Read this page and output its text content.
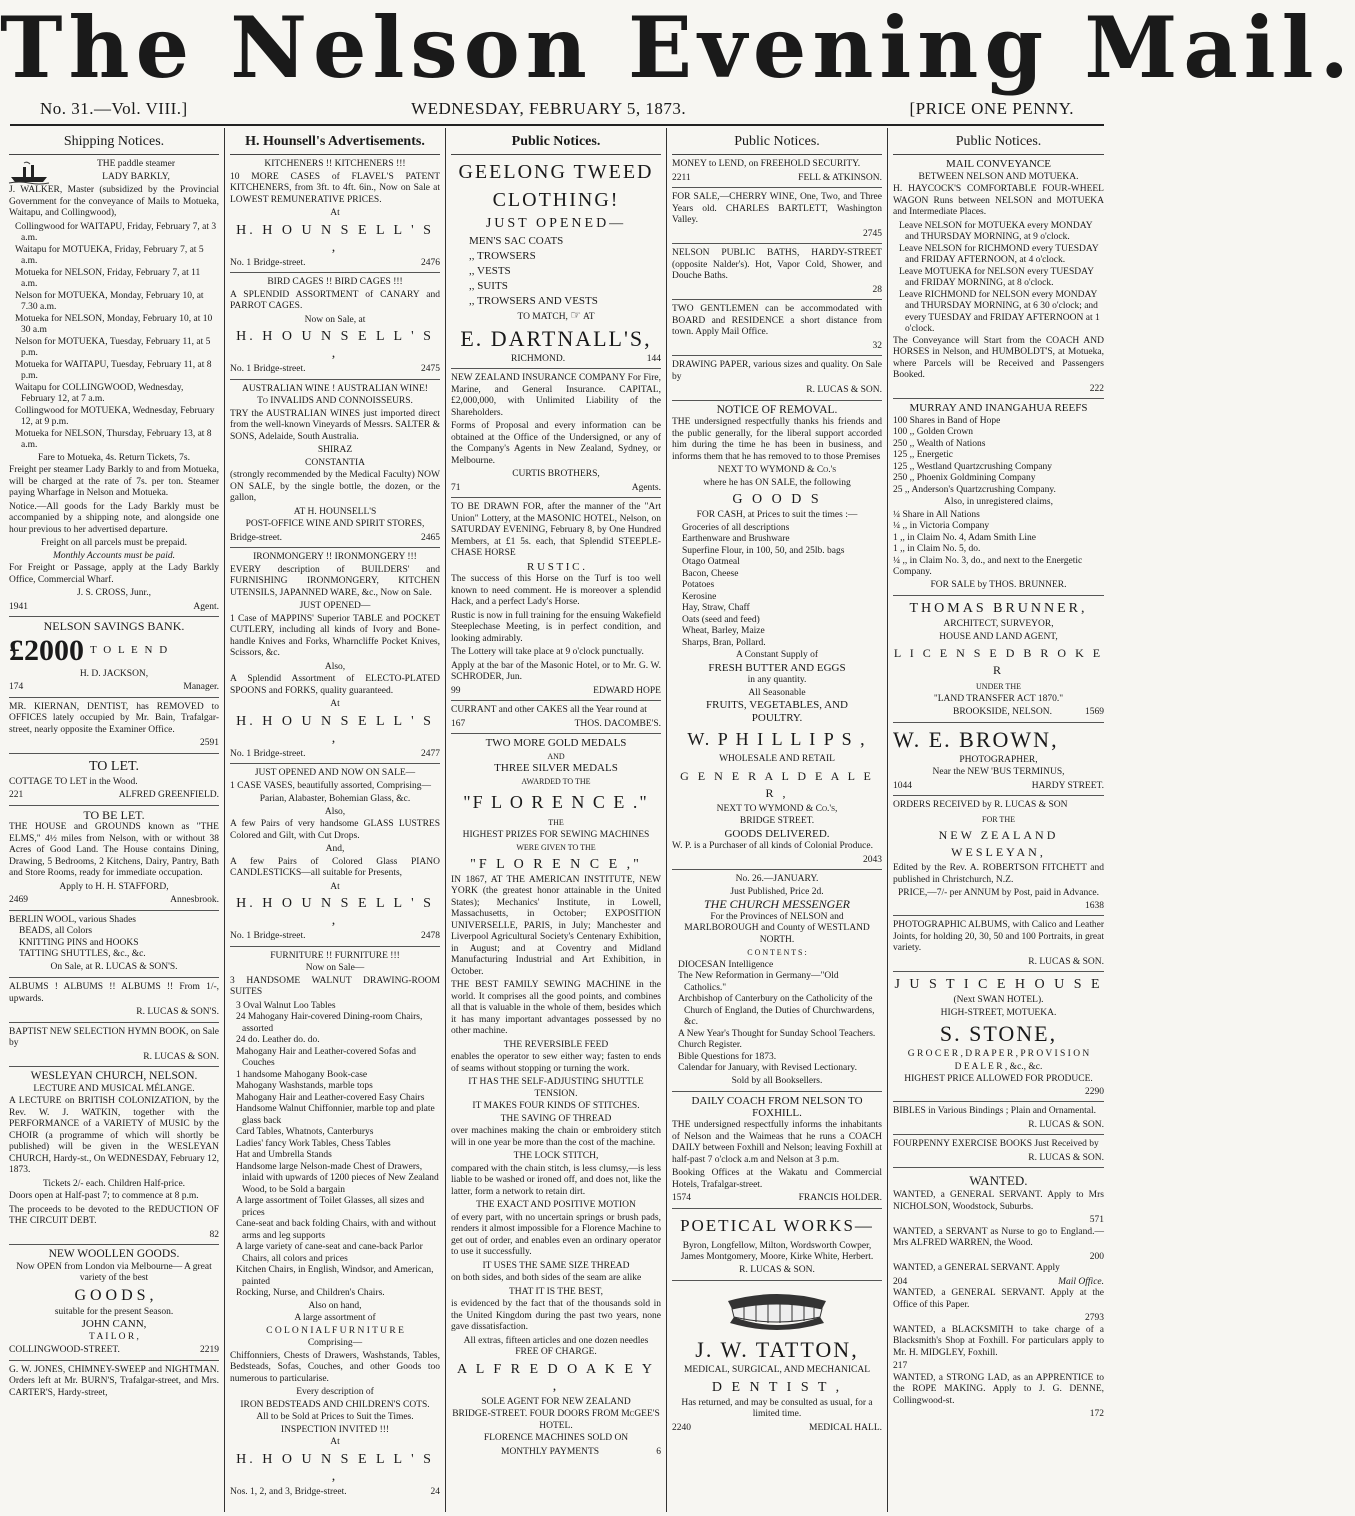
The Nelson Evening Mail.
No. 31.—Vol. VIII.]	WEDNESDAY, FEBRUARY 5, 1873.	[PRICE ONE PENNY.
Shipping Notices.
THE paddle steamer
LADY BARKLY,
J. WALKER, Master (subsidized by the Provincial Government for the conveyance of Mails to Motueka, Waitapu, and Collingwood),
Collingwood for WAITAPU, Friday, February 7, at 3 a.m.
Waitapu for MOTUEKA, Friday, February 7, at 5 a.m.
Motueka for NELSON, Friday, February 7, at 11 a.m.
Nelson for MOTUEKA, Monday, February 10, at 7.30 a.m.
Motueka for NELSON, Monday, February 10, at 10 30 a.m
Nelson for MOTUEKA, Tuesday, February 11, at 5 p.m.
Motueka for WAITAPU, Tuesday, February 11, at 8 p.m.
Waitapu for COLLINGWOOD, Wednesday, February 12, at 7 a.m.
Collingwood for MOTUEKA, Wednesday, February 12, at 9 p.m.
Motueka for NELSON, Thursday, February 13, at 8 a.m.
Fare to Motueka, 4s. Return Tickets, 7s.
Freight per steamer Lady Barkly to and from Motueka, will be charged at the rate of 7s. per ton. Steamer paying Wharfage in Nelson and Motueka.
Notice.—All goods for the Lady Barkly must be accompanied by a shipping note, and alongside one hour previous to her advertised departure.
Freight on all parcels must be prepaid.
Monthly Accounts must be paid.
For Freight or Passage, apply at the Lady Barkly Office, Commercial Wharf.
J. S. CROSS, Junr.,
1941	Agent.
NELSON SAVINGS BANK.
£2000 T O L E N D
H. D. JACKSON,
174	Manager.
MR. KIERNAN, DENTIST, has REMOVED to OFFICES lately occupied by Mr. Bain, Trafalgar-street, nearly opposite the Examiner Office.
2591
TO LET.
COTTAGE TO LET in the Wood.
221	ALFRED GREENFIELD.
TO BE LET.
THE HOUSE and GROUNDS known as "THE ELMS," 4½ miles from Nelson, with or without 38 Acres of Good Land. The House contains Dining, Drawing, 5 Bedrooms, 2 Kitchens, Dairy, Pantry, Bath and Store Rooms, ready for immediate occupation.
Apply to H. H. STAFFORD,
2469	Annesbrook.
BERLIN WOOL, various Shades
BEADS, all Colors
KNITTING PINS and HOOKS
TATTING SHUTTLES, &c., &c.
On Sale, at R. LUCAS & SON'S.
ALBUMS ! ALBUMS !! ALBUMS !! From 1/-, upwards.
R. LUCAS & SON'S.
BAPTIST NEW SELECTION HYMN BOOK, on Sale by
R. LUCAS & SON.
WESLEYAN CHURCH, NELSON.
LECTURE AND MUSICAL MÉLANGE.
A LECTURE on BRITISH COLONIZATION, by the Rev. W. J. WATKIN, together with the PERFORMANCE of a VARIETY of MUSIC by the CHOIR (a programme of which will shortly be published) will be given in the WESLEYAN CHURCH, Hardy-st., On WEDNESDAY, February 12, 1873.
Tickets 2/- each. Children Half-price.
Doors open at Half-past 7; to commence at 8 p.m.
The proceeds to be devoted to the REDUCTION OF THE CIRCUIT DEBT.
82
NEW WOOLLEN GOODS.
Now OPEN from London via Melbourne— A great variety of the best
G O O D S ,
suitable for the present Season.
JOHN CANN,
T A I L O R ,
COLLINGWOOD-STREET.	2219
G. W. JONES, CHIMNEY-SWEEP and NIGHTMAN. Orders left at Mr. BURN'S, Trafalgar-street, and Mrs. CARTER'S, Hardy-street,
H. Hounsell's Advertisements.
KITCHENERS !! KITCHENERS !!!
10 MORE CASES of FLAVEL'S PATENT KITCHENERS, from 3ft. to 4ft. 6in., Now on Sale at LOWEST REMUNERATIVE PRICES.
At
H. H O U N S E L L ' S ,
No. 1 Bridge-street.	2476
BIRD CAGES !! BIRD CAGES !!!
A SPLENDID ASSORTMENT of CANARY and PARROT CAGES.
Now on Sale, at
H. H O U N S E L L ' S ,
No. 1 Bridge-street.	2475
AUSTRALIAN WINE ! AUSTRALIAN WINE!
To INVALIDS AND CONNOISSEURS.
TRY the AUSTRALIAN WINES just imported direct from the well-known Vineyards of Messrs. SALTER & SONS, Adelaide, South Australia.
SHIRAZ
CONSTANTIA
(strongly recommended by the Medical Faculty) NOW ON SALE, by the single bottle, the dozen, or the gallon,
AT H. HOUNSELL'S
POST-OFFICE WINE AND SPIRIT STORES,
Bridge-street.	2465
IRONMONGERY !! IRONMONGERY !!!
EVERY description of BUILDERS' and FURNISHING IRONMONGERY, KITCHEN UTENSILS, JAPANNED WARE, &c., Now on Sale.
JUST OPENED—
1 Case of MAPPINS' Superior TABLE and POCKET CUTLERY, including all kinds of Ivory and Bone-handle Knives and Forks, Wharncliffe Pocket Knives, Scissors, &c.
Also,
A Splendid Assortment of ELECTO-PLATED SPOONS and FORKS, quality guaranteed.
At
H. H O U N S E L L ' S ,
No. 1 Bridge-street.	2477
JUST OPENED AND NOW ON SALE—
1 CASE VASES, beautifully assorted, Comprising—
Parian, Alabaster, Bohemian Glass, &c.
Also,
A few Pairs of very handsome GLASS LUSTRES Colored and Gilt, with Cut Drops.
And,
A few Pairs of Colored Glass PIANO CANDLESTICKS—all suitable for Presents,
At
H. H O U N S E L L ' S ,
No. 1 Bridge-street.	2478
FURNITURE !! FURNITURE !!!
Now on Sale—
3 HANDSOME WALNUT DRAWING-ROOM SUITES
3 Oval Walnut Loo Tables
24 Mahogany Hair-covered Dining-room Chairs, assorted
24 do. Leather do. do.
Mahogany Hair and Leather-covered Sofas and Couches
1 handsome Mahogany Book-case
Mahogany Washstands, marble tops
Mahogany Hair and Leather-covered Easy Chairs
Handsome Walnut Chiffonnier, marble top and plate glass back
Card Tables, Whatnots, Canterburys
Ladies' fancy Work Tables, Chess Tables
Hat and Umbrella Stands
Handsome large Nelson-made Chest of Drawers, inlaid with upwards of 1200 pieces of New Zealand Wood, to be Sold a bargain
A large assortment of Toilet Glasses, all sizes and prices
Cane-seat and back folding Chairs, with and without arms and leg supports
A large variety of cane-seat and cane-back Parlor Chairs, all colors and prices
Kitchen Chairs, in English, Windsor, and American, painted
Rocking, Nurse, and Children's Chairs.
Also on hand,
A large assortment of
C O L O N I A L F U R N I T U R E
Comprising—
Chiffonniers, Chests of Drawers, Washstands, Tables, Bedsteads, Sofas, Couches, and other Goods too numerous to particularise.
Every description of
IRON BEDSTEADS AND CHILDREN'S COTS.
All to be Sold at Prices to Suit the Times.
INSPECTION INVITED !!!
At
H. H O U N S E L L ' S ,
Nos. 1, 2, and 3, Bridge-street.	24
Public Notices.
GEELONG TWEED
CLOTHING!
JUST OPENED—
MEN'S SAC COATS
,, TROWSERS
,, VESTS
,, SUITS
,, TROWSERS AND VESTS
TO MATCH, ☞ AT
E. DARTNALL'S,
RICHMOND.	144
NEW ZEALAND INSURANCE COMPANY For Fire, Marine, and General Insurance. CAPITAL, £2,000,000, with Unlimited Liability of the Shareholders.
Forms of Proposal and every information can be obtained at the Office of the Undersigned, or any of the Company's Agents in New Zealand, Sydney, or Melbourne.
CURTIS BROTHERS,
71	Agents.
TO BE DRAWN FOR, after the manner of the "Art Union" Lottery, at the MASONIC HOTEL, Nelson, on SATURDAY EVENING, February 8, by One Hundred Members, at £1 5s. each, that Splendid STEEPLE-CHASE HORSE
R U S T I C .
The success of this Horse on the Turf is too well known to need comment. He is moreover a splendid Hack, and a perfect Lady's Horse.
Rustic is now in full training for the ensuing Wakefield Steeplechase Meeting, is in perfect condition, and looking admirably.
The Lottery will take place at 9 o'clock punctually.
Apply at the bar of the Masonic Hotel, or to Mr. G. W. SCHRODER, Jun.
99	EDWARD HOPE
CURRANT and other CAKES all the Year round at
167	THOS. DACOMBE'S.
TWO MORE GOLD MEDALS
AND
THREE SILVER MEDALS
AWARDED TO THE
"F L O R E N C E ."
THE
HIGHEST PRIZES FOR SEWING MACHINES
WERE GIVEN TO THE
"F L O R E N C E ,"
IN 1867, AT THE AMERICAN INSTITUTE, NEW YORK (the greatest honor attainable in the United States); Mechanics' Institute, in Lowell, Massachusetts, in October; EXPOSITION UNIVERSELLE, PARIS, in July; Manchester and Liverpool Agricultural Society's Centenary Exhibition, in August; and at Coventry and Midland Manufacturing Industrial and Art Exhibition, in October.
THE BEST FAMILY SEWING MACHINE in the world. It comprises all the good points, and combines all that is valuable in the whole of them, besides which it has many important advantages possessed by no other machine.
THE REVERSIBLE FEED
enables the operator to sew either way; fasten to ends of seams without stopping or turning the work.
IT HAS THE SELF-ADJUSTING SHUTTLE TENSION.
IT MAKES FOUR KINDS OF STITCHES.
THE SAVING OF THREAD
over machines making the chain or embroidery stitch will in one year be more than the cost of the machine.
THE LOCK STITCH,
compared with the chain stitch, is less clumsy,—is less liable to be washed or ironed off, and does not, like the latter, form a network to retain dirt.
THE EXACT AND POSITIVE MOTION
of every part, with no uncertain springs or brush pads, renders it almost impossible for a Florence Machine to get out of order, and enables even an ordinary operator to use it successfully.
IT USES THE SAME SIZE THREAD
on both sides, and both sides of the seam are alike
THAT IT IS THE BEST,
is evidenced by the fact that of the thousands sold in the United Kingdom during the past two years, none gave dissatisfaction.
All extras, fifteen articles and one dozen needles FREE OF CHARGE.
A L F R E D O A K E Y ,
SOLE AGENT FOR NEW ZEALAND
BRIDGE-STREET. FOUR DOORS FROM McGEE'S HOTEL.
FLORENCE MACHINES SOLD ON
MONTHLY PAYMENTS	6
Public Notices.
MONEY to LEND, on FREEHOLD SECURITY.
2211	FELL & ATKINSON.
FOR SALE,—CHERRY WINE, One, Two, and Three Years old. CHARLES BARTLETT, Washington Valley.
2745
NELSON PUBLIC BATHS, HARDY-STREET (opposite Nalder's). Hot, Vapor Cold, Shower, and Douche Baths.
28
TWO GENTLEMEN can be accommodated with BOARD and RESIDENCE a short distance from town. Apply Mail Office.
32
DRAWING PAPER, various sizes and quality. On Sale by
R. LUCAS & SON.
NOTICE OF REMOVAL.
THE undersigned respectfully thanks his friends and the public generally, for the liberal support accorded him during the time he has been in business, and informs them that he has removed to to those Premises
NEXT TO WYMOND & Co.'s
where he has ON SALE, the following
G O O D S
FOR CASH, at Prices to suit the times :—
Groceries of all descriptions
Earthenware and Brushware
Superfine Flour, in 100, 50, and 25lb. bags
Otago Oatmeal
Bacon, Cheese
Potatoes
Kerosine
Hay, Straw, Chaff
Oats (seed and feed)
Wheat, Barley, Maize
Sharps, Bran, Pollard.
A Constant Supply of
FRESH BUTTER AND EGGS
in any quantity.
All Seasonable
FRUITS, VEGETABLES, AND
POULTRY.
W. P H I L L I P S ,
WHOLESALE AND RETAIL
G E N E R A L D E A L E R ,
NEXT TO WYMOND & Co.'s,
BRIDGE STREET.
GOODS DELIVERED.
W. P. is a Purchaser of all kinds of Colonial Produce.
2043
No. 26.—JANUARY.
Just Published, Price 2d.
THE CHURCH MESSENGER
For the Provinces of NELSON and MARLBOROUGH and County of WESTLAND NORTH.
C O N T E N T S :
DIOCESAN Intelligence
The New Reformation in Germany—"Old Catholics."
Archbishop of Canterbury on the Catholicity of the Church of England, the Duties of Churchwardens, &c.
A New Year's Thought for Sunday School Teachers.
Church Register.
Bible Questions for 1873.
Calendar for January, with Revised Lectionary.
Sold by all Booksellers.
DAILY COACH FROM NELSON TO FOXHILL.
THE undersigned respectfully informs the inhabitants of Nelson and the Waimeas that he runs a COACH DAILY between Foxhill and Nelson; leaving Foxhill at half-past 7 o'clock a.m and Nelson at 3 p.m.
Booking Offices at the Wakatu and Commercial Hotels, Trafalgar-street.
1574	FRANCIS HOLDER.
POETICAL WORKS—
Byron, Longfellow, Milton, Wordsworth Cowper, James Montgomery, Moore, Kirke White, Herbert.
R. LUCAS & SON.
J. W. TATTON,
MEDICAL, SURGICAL, AND MECHANICAL
D E N T I S T ,
Has returned, and may be consulted as usual, for a limited time.
2240	MEDICAL HALL.
Public Notices.
MAIL CONVEYANCE
BETWEEN NELSON AND MOTUEKA.
H. HAYCOCK'S COMFORTABLE FOUR-WHEEL WAGON Runs between NELSON and MOTUEKA and Intermediate Places.
Leave NELSON for MOTUEKA every MONDAY and THURSDAY MORNING, at 9 o'clock.
Leave NELSON for RICHMOND every TUESDAY and FRIDAY AFTERNOON, at 4 o'clock.
Leave MOTUEKA for NELSON every TUESDAY and FRIDAY MORNING, at 8 o'clock.
Leave RICHMOND for NELSON every MONDAY and THURSDAY MORNING, at 6 30 o'clock; and every TUESDAY and FRIDAY AFTERNOON at 1 o'clock.
The Conveyance will Start from the COACH AND HORSES in Nelson, and HUMBOLDT'S, at Motueka, where Parcels will be Received and Passengers Booked.
222
MURRAY AND INANGAHUA REEFS
100 Shares in Band of Hope
100 ,, Golden Crown
250 ,, Wealth of Nations
125 ,, Energetic
125 ,, Westland Quartzcrushing Company
250 ,, Phoenix Goldmining Company
25 ,, Anderson's Quartzcrushing Company.
Also, in unregistered claims,
¼ Share in All Nations
¼ ,, in Victoria Company
1 ,, in Claim No. 4, Adam Smith Line
1 ,, in Claim No. 5, do.
¼ ,, in Claim No. 3, do., and next to the Energetic Company.
FOR SALE by THOS. BRUNNER.
THOMAS BRUNNER,
ARCHITECT, SURVEYOR,
HOUSE AND LAND AGENT,
L I C E N S E D B R O K E R
UNDER THE
"LAND TRANSFER ACT 1870."
BROOKSIDE, NELSON.	1569
W. E. BROWN,
PHOTOGRAPHER,
Near the NEW 'BUS TERMINUS,
1044	HARDY STREET.
ORDERS RECEIVED by R. LUCAS & SON
FOR THE
NEW ZEALAND WESLEYAN,
Edited by the Rev. A. ROBERTSON FITCHETT and published in Christchurch, N.Z.
PRICE,—7/- per ANNUM by Post, paid in Advance.
1638
PHOTOGRAPHIC ALBUMS, with Calico and Leather Joints, for holding 20, 30, 50 and 100 Portraits, in great variety.
R. LUCAS & SON.
J U S T I C E H O U S E
(Next SWAN HOTEL).
HIGH-STREET, MOTUEKA.
S. STONE,
G R O C E R , D R A P E R , P R O V I S I O N
D E A L E R , &c., &c.
HIGHEST PRICE ALLOWED FOR PRODUCE.
2290
BIBLES in Various Bindings ; Plain and Ornamental.
R. LUCAS & SON.
FOURPENNY EXERCISE BOOKS Just Received by
R. LUCAS & SON.
WANTED.
WANTED, a GENERAL SERVANT. Apply to Mrs NICHOLSON, Woodstock, Suburbs.
571
WANTED, a SERVANT as Nurse to go to England.—Mrs ALFRED WARREN, the Wood.
200
WANTED, a GENERAL SERVANT. Apply
204	Mail Office.
WANTED, a GENERAL SERVANT. Apply at the Office of this Paper.
2793
WANTED, a BLACKSMITH to take charge of a Blacksmith's Shop at Foxhill. For particulars apply to Mr. H. MIDGLEY, Foxhill.
217
WANTED, a STRONG LAD, as an APPRENTICE to the ROPE MAKING. Apply to J. G. DENNE, Collingwood-st.
172
